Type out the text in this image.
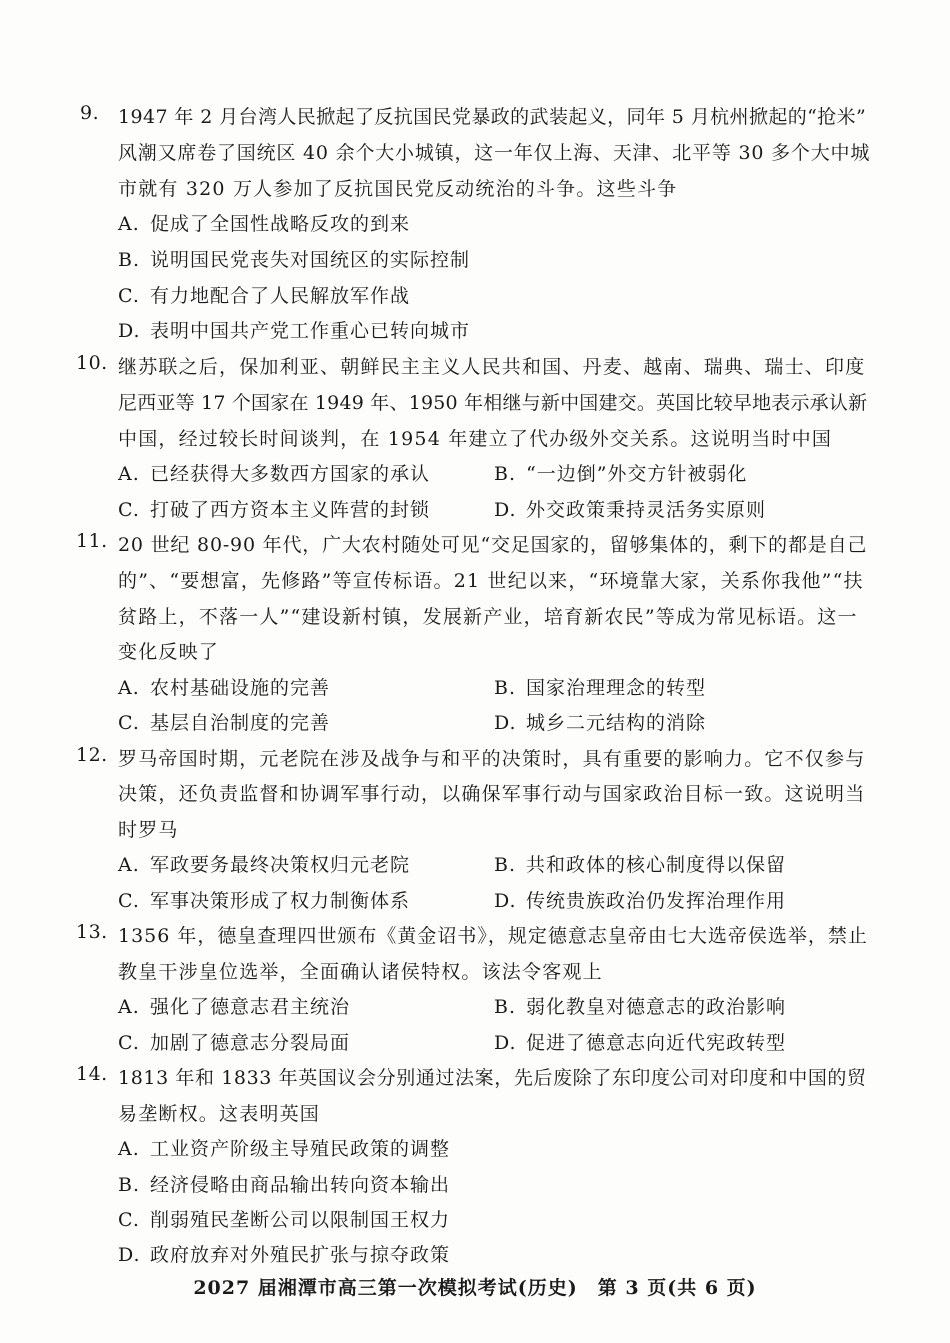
9. 1947 年 2 月台湾人民掀起了反抗国民党暴政的武装起义，同年 5 月杭州掀起的“抢米”
风潮又席卷了国统区 40 余个大小城镇，这一年仅上海、天津、北平等 30 多个大中城
市就有 320 万人参加了反抗国民党反动统治的斗争。这些斗争
A. 促成了全国性战略反攻的到来
B. 说明国民党丧失对国统区的实际控制
C. 有力地配合了人民解放军作战
D. 表明中国共产党工作重心已转向城市
10. 继苏联之后，保加利亚、朝鲜民主主义人民共和国、丹麦、越南、瑞典、瑞士、印度
尼西亚等 17 个国家在 1949 年、1950 年相继与新中国建交。英国比较早地表示承认新
中国，经过较长时间谈判，在 1954 年建立了代办级外交关系。这说明当时中国
A. 已经获得大多数西方国家的承认	B. “一边倒”外交方针被弱化
C. 打破了西方资本主义阵营的封锁	D. 外交政策秉持灵活务实原则
11. 20 世纪 80-90 年代，广大农村随处可见“交足国家的，留够集体的，剩下的都是自己
的”、“要想富，先修路”等宣传标语。21 世纪以来，“环境靠大家，关系你我他”“扶
贫路上，不落一人”“建设新村镇，发展新产业，培育新农民”等成为常见标语。这一
变化反映了
A. 农村基础设施的完善	B. 国家治理理念的转型
C. 基层自治制度的完善	D. 城乡二元结构的消除
12. 罗马帝国时期，元老院在涉及战争与和平的决策时，具有重要的影响力。它不仅参与
决策，还负责监督和协调军事行动，以确保军事行动与国家政治目标一致。这说明当
时罗马
A. 军政要务最终决策权归元老院	B. 共和政体的核心制度得以保留
C. 军事决策形成了权力制衡体系	D. 传统贵族政治仍发挥治理作用
13. 1356 年，德皇查理四世颁布《黄金诏书》，规定德意志皇帝由七大选帝侯选举，禁止
教皇干涉皇位选举，全面确认诸侯特权。该法令客观上
A. 强化了德意志君主统治	B. 弱化教皇对德意志的政治影响
C. 加剧了德意志分裂局面	D. 促进了德意志向近代宪政转型
14. 1813 年和 1833 年英国议会分别通过法案，先后废除了东印度公司对印度和中国的贸
易垄断权。这表明英国
A. 工业资产阶级主导殖民政策的调整
B. 经济侵略由商品输出转向资本输出
C. 削弱殖民垄断公司以限制国王权力
D. 政府放弃对外殖民扩张与掠夺政策
2027 届湘潭市高三第一次模拟考试(历史)　第 3 页(共 6 页)
